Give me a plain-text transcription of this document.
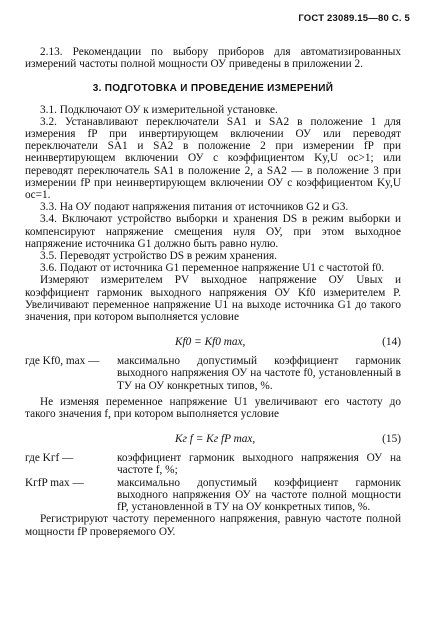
ГОСТ 23089.15—80 С. 5

2.13. Рекомендации по выбору приборов для автоматизированных измерений частоты полной мощности ОУ приведены в приложении 2.

3. ПОДГОТОВКА И ПРОВЕДЕНИЕ ИЗМЕРЕНИЙ

3.1. Подключают ОУ к измерительной установке.

3.2. Устанавливают переключатели SA1 и SA2 в положение 1 для измерения fP при инвертирующем включении ОУ или переводят переключатели SA1 и SA2 в положение 2 при измерении fP при неинвертирующем включении ОУ с коэффициентом Ky,U oc>1; или переводят переключатель SA1 в положение 2, а SA2 — в положение 3 при измерении fP при неинвертирующем включении ОУ с коэффициентом Ky,U oc=1.

3.3. На ОУ подают напряжения питания от источников G2 и G3.

3.4. Включают устройство выборки и хранения DS в режим выборки и компенсируют напряжение смещения нуля ОУ, при этом выходное напряжение источника G1 должно быть равно нулю.

3.5. Переводят устройство DS в режим хранения.

3.6. Подают от источника G1 переменное напряжение U1 с частотой f0.

Измеряют измерителем PV выходное напряжение ОУ Uвых и коэффициент гармоник выходного напряжения ОУ Kf0 измерителем P. Увеличивают переменное напряжение U1 на выходе источника G1 до такого значения, при котором выполняется условие

Kf0 = Kf0 max,	(14)
где Kf0, max —	максимально допустимый коэффициент гармоник выходного напряжения ОУ на частоте f0, установленный в ТУ на ОУ конкретных типов, %.

Не изменяя переменное напряжение U1 увеличивают его частоту до такого значения f, при котором выполняется условие

Kг f = Kг fP max,	(15)
где Kгf —	коэффициент гармоник выходного напряжения ОУ на частоте f, %;
KгfP max —	максимально допустимый коэффициент гармоник выходного напряжения ОУ на частоте полной мощности fP, установленной в ТУ на ОУ конкретных типов, %.

Регистрируют частоту переменного напряжения, равную частоте полной мощности fP проверяемого ОУ.
